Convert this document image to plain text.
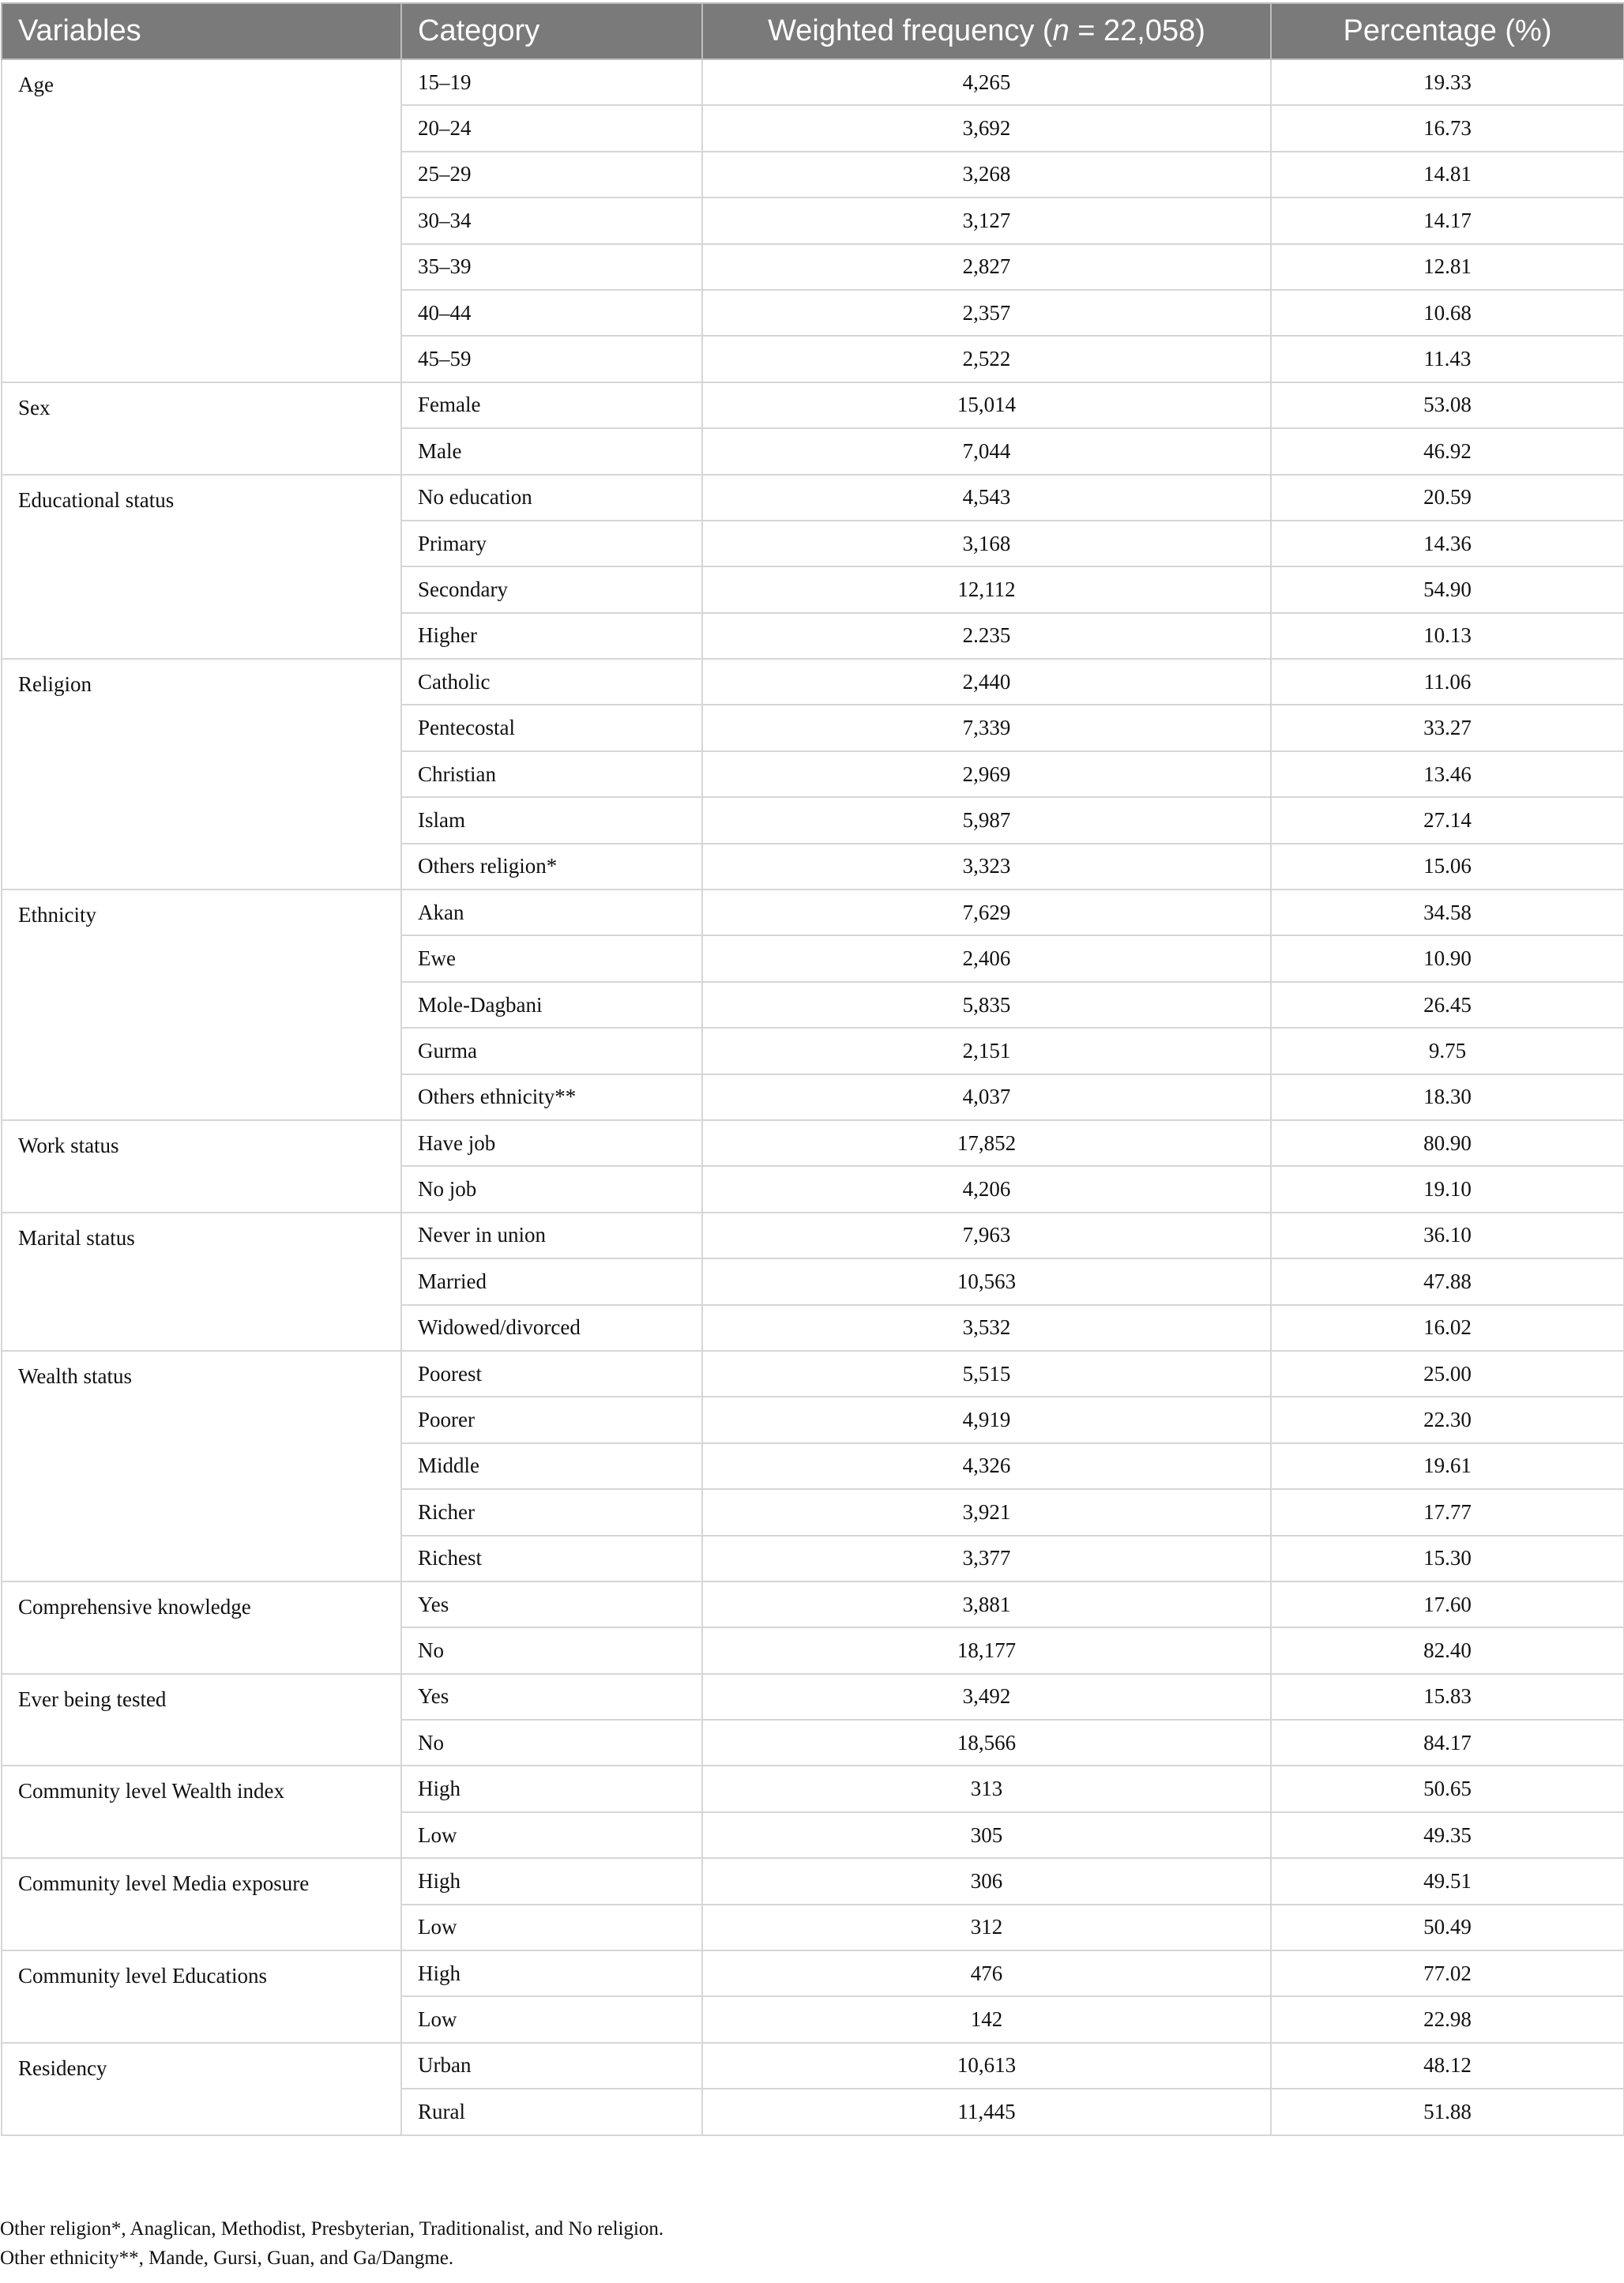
Variables	Category	Weighted frequency (n = 22,058)	Percentage (%)
Age	15–19	4,265	19.33
	20–24	3,692	16.73
	25–29	3,268	14.81
	30–34	3,127	14.17
	35–39	2,827	12.81
	40–44	2,357	10.68
	45–59	2,522	11.43
Sex	Female	15,014	53.08
	Male	7,044	46.92
Educational status	No education	4,543	20.59
	Primary	3,168	14.36
	Secondary	12,112	54.90
	Higher	2.235	10.13
Religion	Catholic	2,440	11.06
	Pentecostal	7,339	33.27
	Christian	2,969	13.46
	Islam	5,987	27.14
	Others religion*	3,323	15.06
Ethnicity	Akan	7,629	34.58
	Ewe	2,406	10.90
	Mole-Dagbani	5,835	26.45
	Gurma	2,151	9.75
	Others ethnicity**	4,037	18.30
Work status	Have job	17,852	80.90
	No job	4,206	19.10
Marital status	Never in union	7,963	36.10
	Married	10,563	47.88
	Widowed/divorced	3,532	16.02
Wealth status	Poorest	5,515	25.00
	Poorer	4,919	22.30
	Middle	4,326	19.61
	Richer	3,921	17.77
	Richest	3,377	15.30
Comprehensive knowledge	Yes	3,881	17.60
	No	18,177	82.40
Ever being tested	Yes	3,492	15.83
	No	18,566	84.17
Community level Wealth index	High	313	50.65
	Low	305	49.35
Community level Media exposure	High	306	49.51
	Low	312	50.49
Community level Educations	High	476	77.02
	Low	142	22.98
Residency	Urban	10,613	48.12
	Rural	11,445	51.88
Other religion*, Anaglican, Methodist, Presbyterian, Traditionalist, and No religion.
Other ethnicity**, Mande, Gursi, Guan, and Ga/Dangme.
